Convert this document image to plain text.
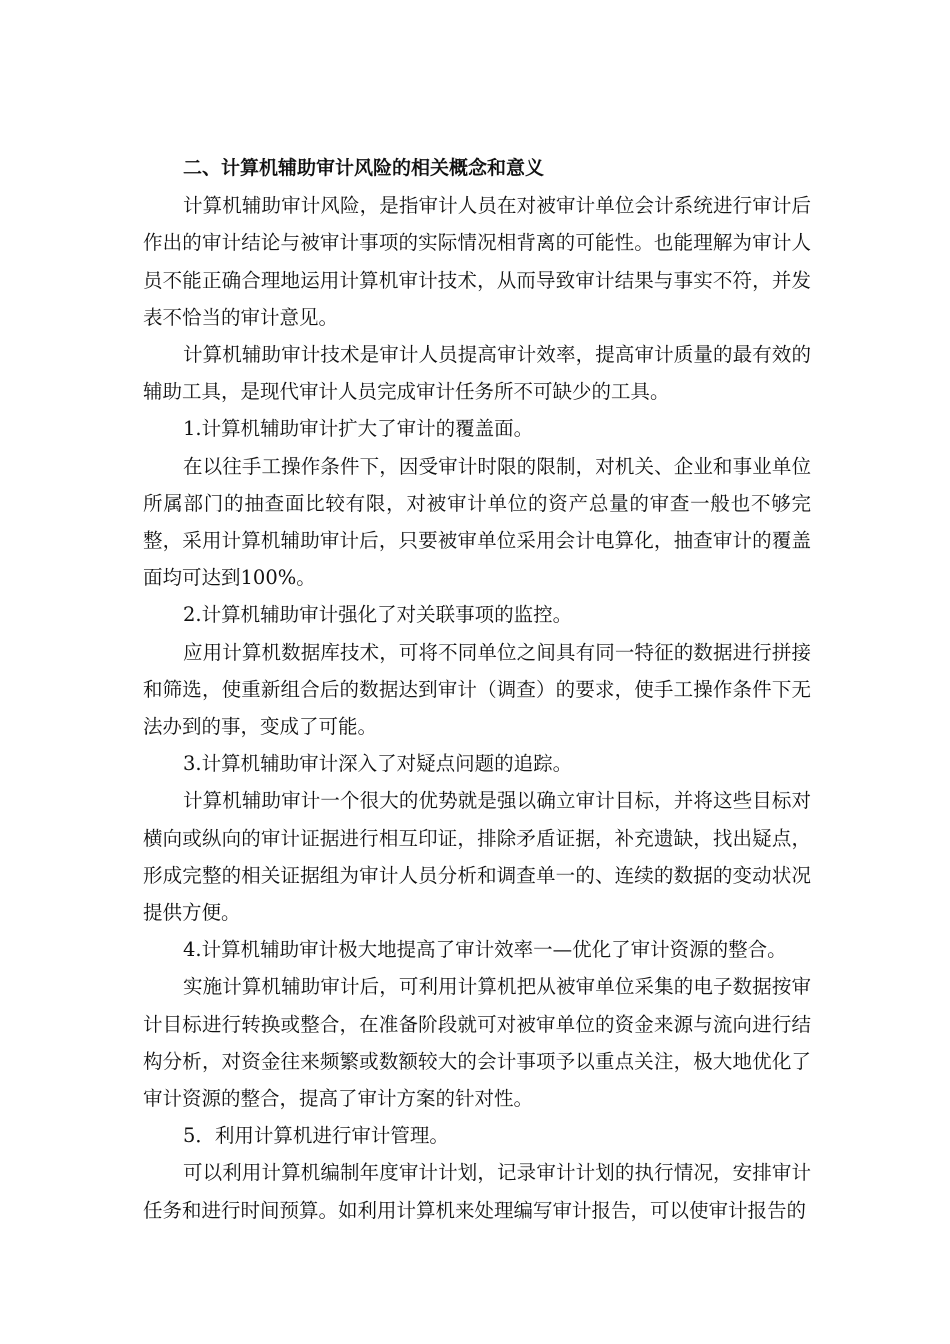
二、计算机辅助审计风险的相关概念和意义

计算机辅助审计风险，是指审计人员在对被审计单位会计系统进行审计后作出的审计结论与被审计事项的实际情况相背离的可能性。也能理解为审计人员不能正确合理地运用计算机审计技术，从而导致审计结果与事实不符，并发表不恰当的审计意见。

计算机辅助审计技术是审计人员提高审计效率，提高审计质量的最有效的辅助工具，是现代审计人员完成审计任务所不可缺少的工具。

1.计算机辅助审计扩大了审计的覆盖面。

在以往手工操作条件下，因受审计时限的限制，对机关、企业和事业单位所属部门的抽查面比较有限，对被审计单位的资产总量的审查一般也不够完整，采用计算机辅助审计后，只要被审单位采用会计电算化，抽查审计的覆盖面均可达到100%。

2.计算机辅助审计强化了对关联事项的监控。

应用计算机数据库技术，可将不同单位之间具有同一特征的数据进行拼接和筛选，使重新组合后的数据达到审计（调查）的要求，使手工操作条件下无法办到的事，变成了可能。

3.计算机辅助审计深入了对疑点问题的追踪。

计算机辅助审计一个很大的优势就是强以确立审计目标，并将这些目标对横向或纵向的审计证据进行相互印证，排除矛盾证据，补充遗缺，找出疑点，形成完整的相关证据组为审计人员分析和调查单一的、连续的数据的变动状况提供方便。

4.计算机辅助审计极大地提高了审计效率一—优化了审计资源的整合。

实施计算机辅助审计后，可利用计算机把从被审单位采集的电子数据按审计目标进行转换或整合，在准备阶段就可对被审单位的资金来源与流向进行结构分析，对资金往来频繁或数额较大的会计事项予以重点关注，极大地优化了审计资源的整合，提高了审计方案的针对性。

5．利用计算机进行审计管理。

可以利用计算机编制年度审计计划，记录审计计划的执行情况，安排审计任务和进行时间预算。如利用计算机来处理编写审计报告，可以使审计报告的
